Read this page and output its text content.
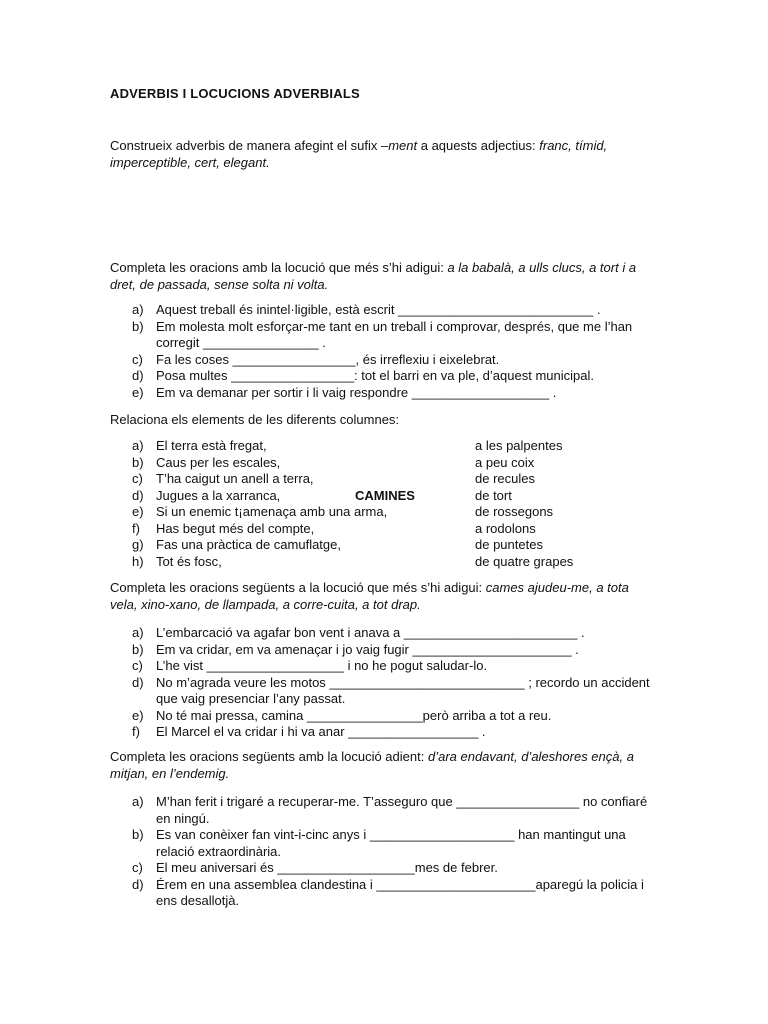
ADVERBIS I LOCUCIONS ADVERBIALS
Construeix adverbis de manera afegint el sufix –ment a aquests adjectius: franc, tímid, imperceptible, cert, elegant.
Completa les oracions amb la locució que més s’hi adigui: a la babalà, a ulls clucs, a tort i a dret, de passada, sense solta ni volta.
a) Aquest treball és inintel·ligible, està escrit ___________________________ .
b) Em molesta molt esforçar-me tant en un treball i comprovar, després, que me l’han corregit ________________ .
c) Fa les coses _________________, és irreflexiu i eixelebrat.
d) Posa multes _________________: tot el barri en va ple, d’aquest municipal.
e) Em va demanar per sortir i li vaig respondre ___________________ .
Relaciona els elements de les diferents columnes:
a) El terra està fregat,	a les palpentes
b) Caus per les escales,	a peu coix
c) T’ha caigut un anell a terra,	de recules
d) Jugues a la xarranca,	de tort
e) Si un enemic t¡amenaça amb una arma,	de rossegons
f) Has begut més del compte,	a rodolons
g) Fas una pràctica de camuflatge,	de puntetes
h) Tot és fosc,	de quatre grapes
CAMINES
Completa les oracions següents a la locució que més s’hi adigui: cames ajudeu-me, a tota vela, xino-xano, de llampada, a corre-cuita, a tot drap.
a) L’embarcació va agafar bon vent i anava a ________________________ .
b) Em va cridar, em va amenaçar i jo vaig fugir ______________________ .
c) L’he vist ___________________ i no he pogut saludar-lo.
d) No m’agrada veure les motos ___________________________ ; recordo un accident que vaig presenciar l’any passat.
e) No té mai pressa, camina ________________però arriba a tot a reu.
f) El Marcel el va cridar i hi va anar __________________ .
Completa les oracions següents amb la locució adient: d’ara endavant, d’aleshores ençà, a mitjan, en l’endemig.
a) M’han ferit i trigaré a recuperar-me. T’asseguro que _________________ no confiaré en ningú.
b) Es van conèixer fan vint-i-cinc anys i ____________________ han mantingut una relació extraordinària.
c) El meu aniversari és ___________________mes de febrer.
d) Érem en una assemblea clandestina i ______________________aparegú la policia i ens desallotjà.
